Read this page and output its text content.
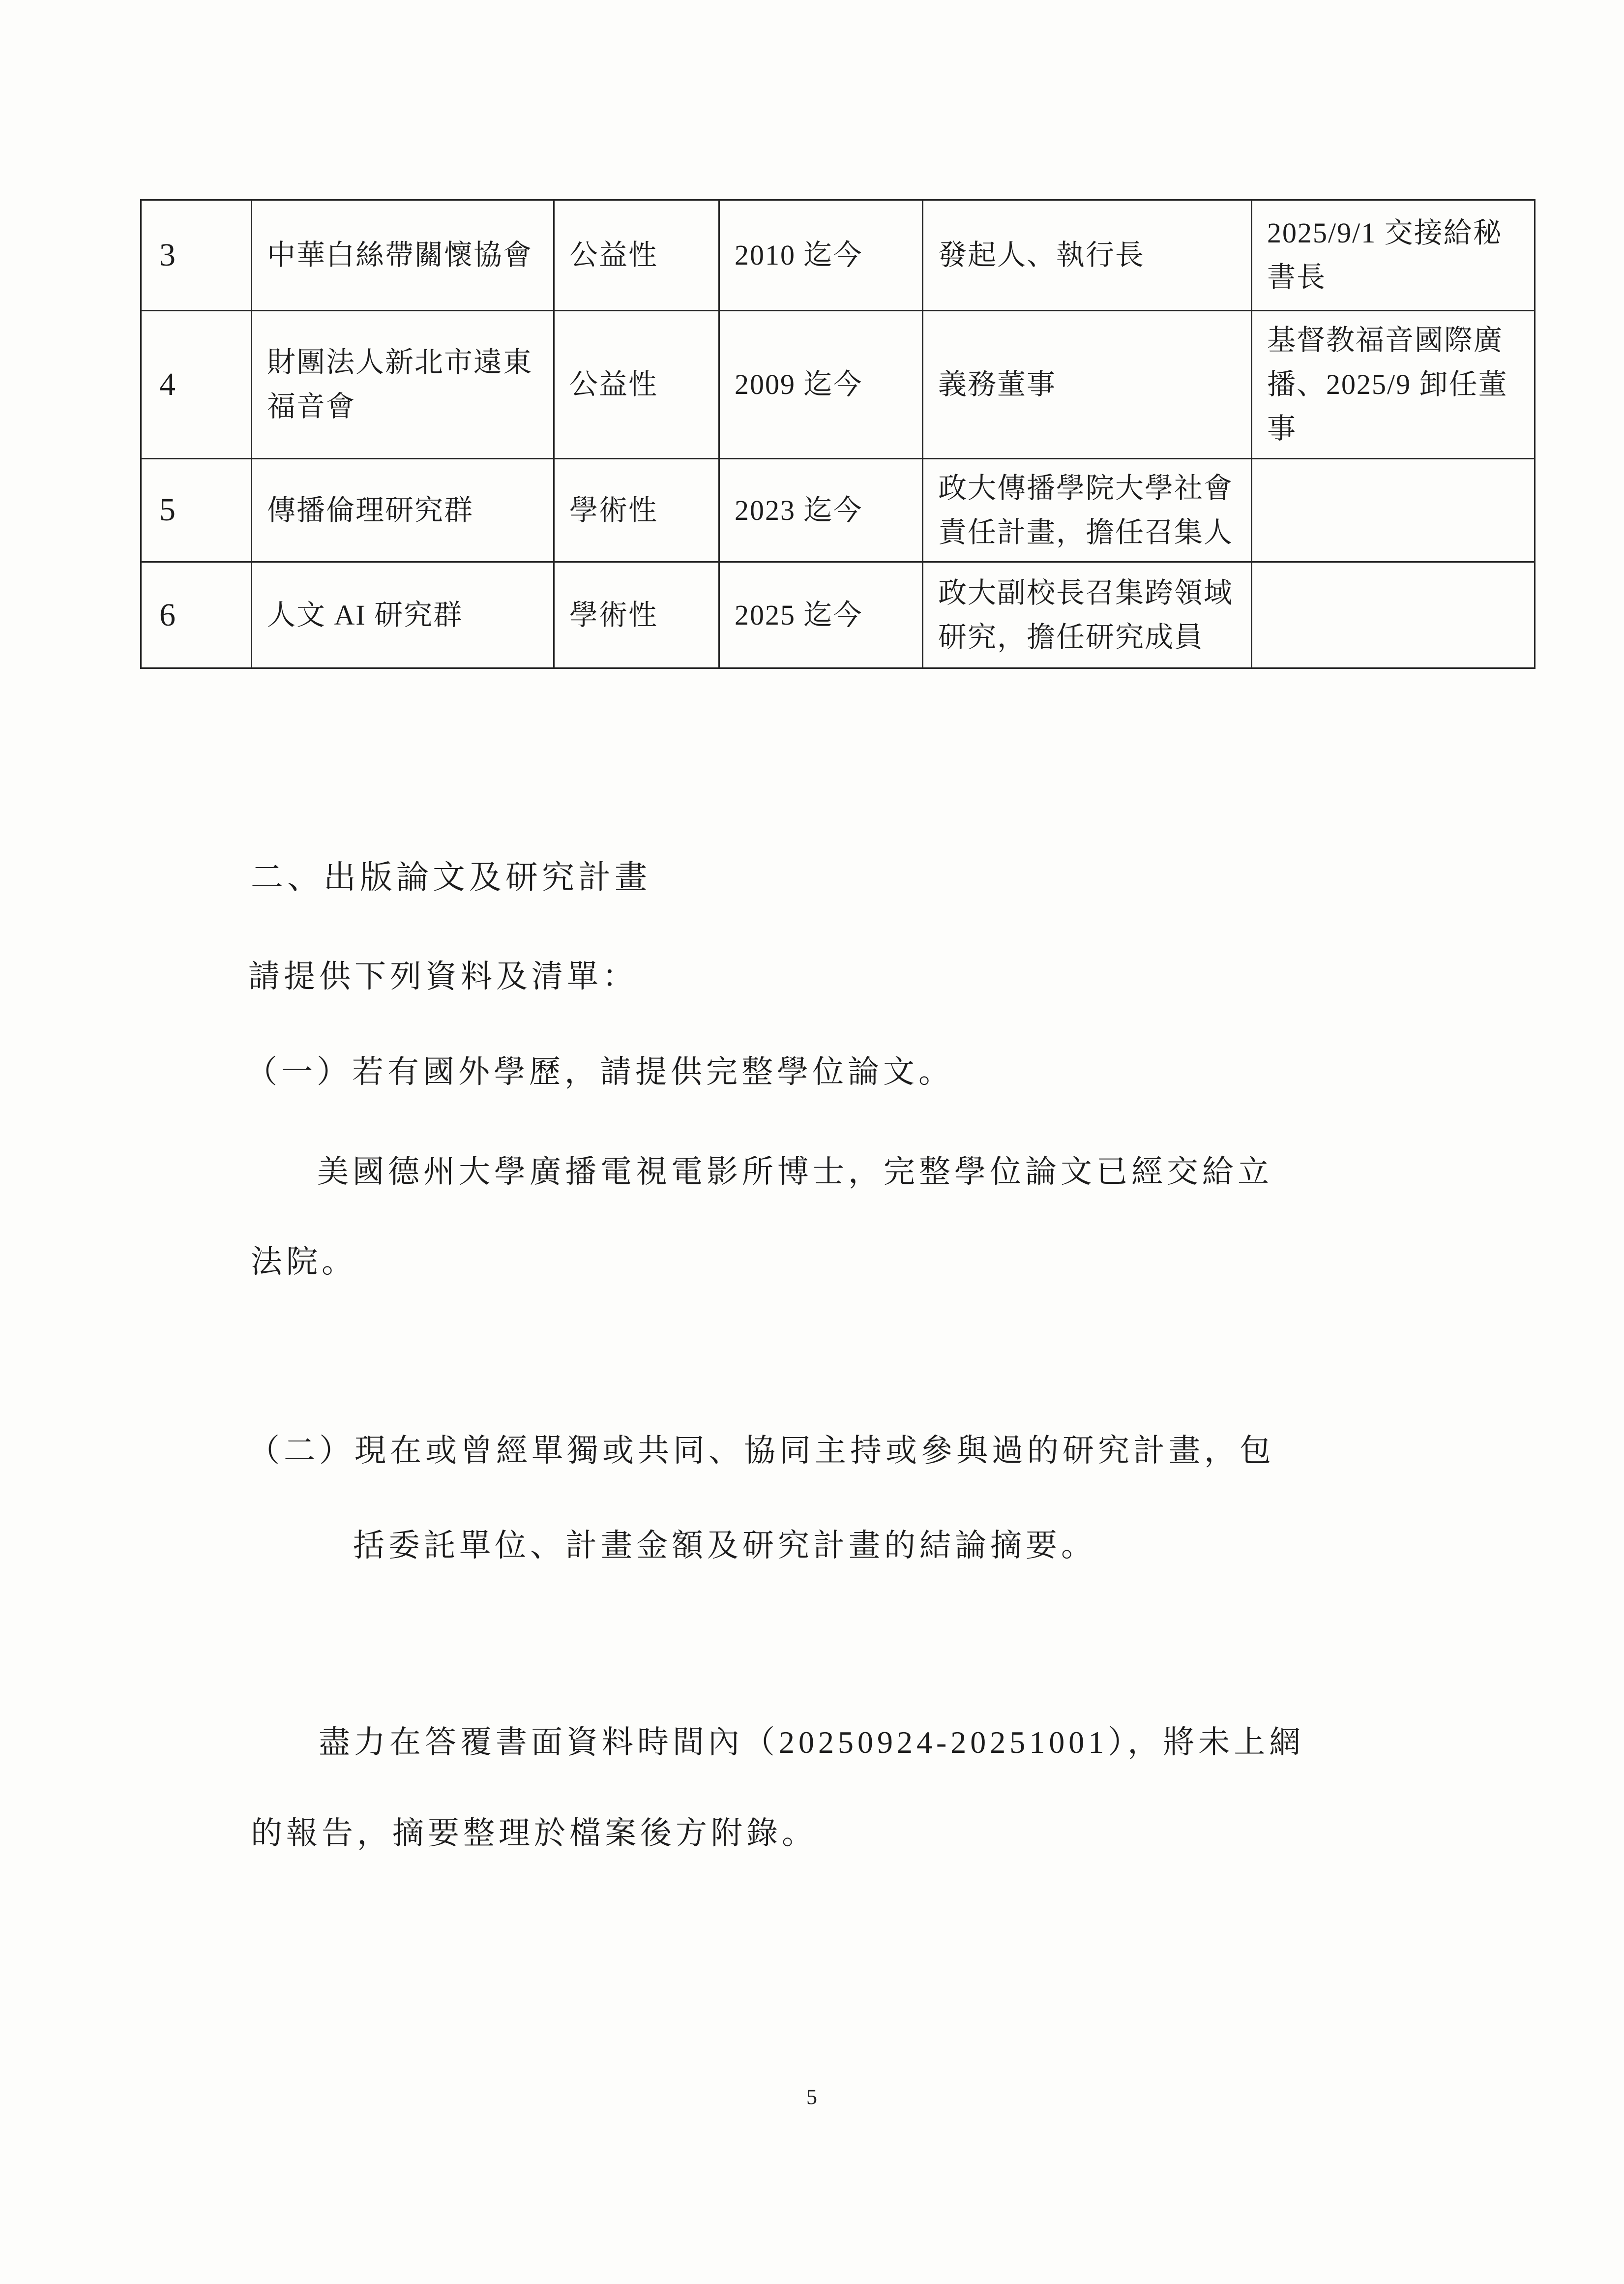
3	中華白絲帶關懷協會	公益性	2010 迄今	發起人、執行長	2025/9/1 交接給秘書長
4	財團法人新北市遠東福音會	公益性	2009 迄今	義務董事	基督教福音國際廣播、2025/9 卸任董事
5	傳播倫理研究群	學術性	2023 迄今	政大傳播學院大學社會責任計畫，擔任召集人	
6	人文 AI 研究群	學術性	2025 迄今	政大副校長召集跨領域研究，擔任研究成員	
二、出版論文及研究計畫
請提供下列資料及清單：
（一）若有國外學歷，請提供完整學位論文。
美國德州大學廣播電視電影所博士，完整學位論文已經交給立
法院。
（二）現在或曾經單獨或共同、協同主持或參與過的研究計畫，包
括委託單位、計畫金額及研究計畫的結論摘要。
盡力在答覆書面資料時間內（20250924-20251001），將未上網
的報告，摘要整理於檔案後方附錄。
5
